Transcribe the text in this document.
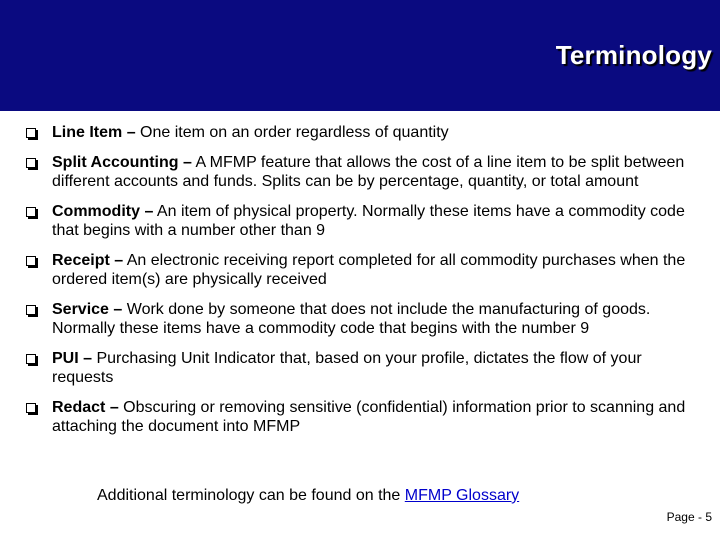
Terminology
Line Item – One item on an order regardless of quantity
Split Accounting – A MFMP feature that allows the cost of a line item to be split between different accounts and funds. Splits can be by percentage, quantity, or total amount
Commodity – An item of physical property. Normally these items have a commodity code that begins with a number other than 9
Receipt – An electronic receiving report completed for all commodity purchases when the ordered item(s) are physically received
Service – Work done by someone that does not include the manufacturing of goods. Normally these items have a commodity code that begins with the number 9
PUI – Purchasing Unit Indicator that, based on your profile, dictates the flow of your requests
Redact – Obscuring or removing sensitive (confidential) information prior to scanning and attaching the document into MFMP
Additional terminology can be found on the MFMP Glossary
Page - 5
